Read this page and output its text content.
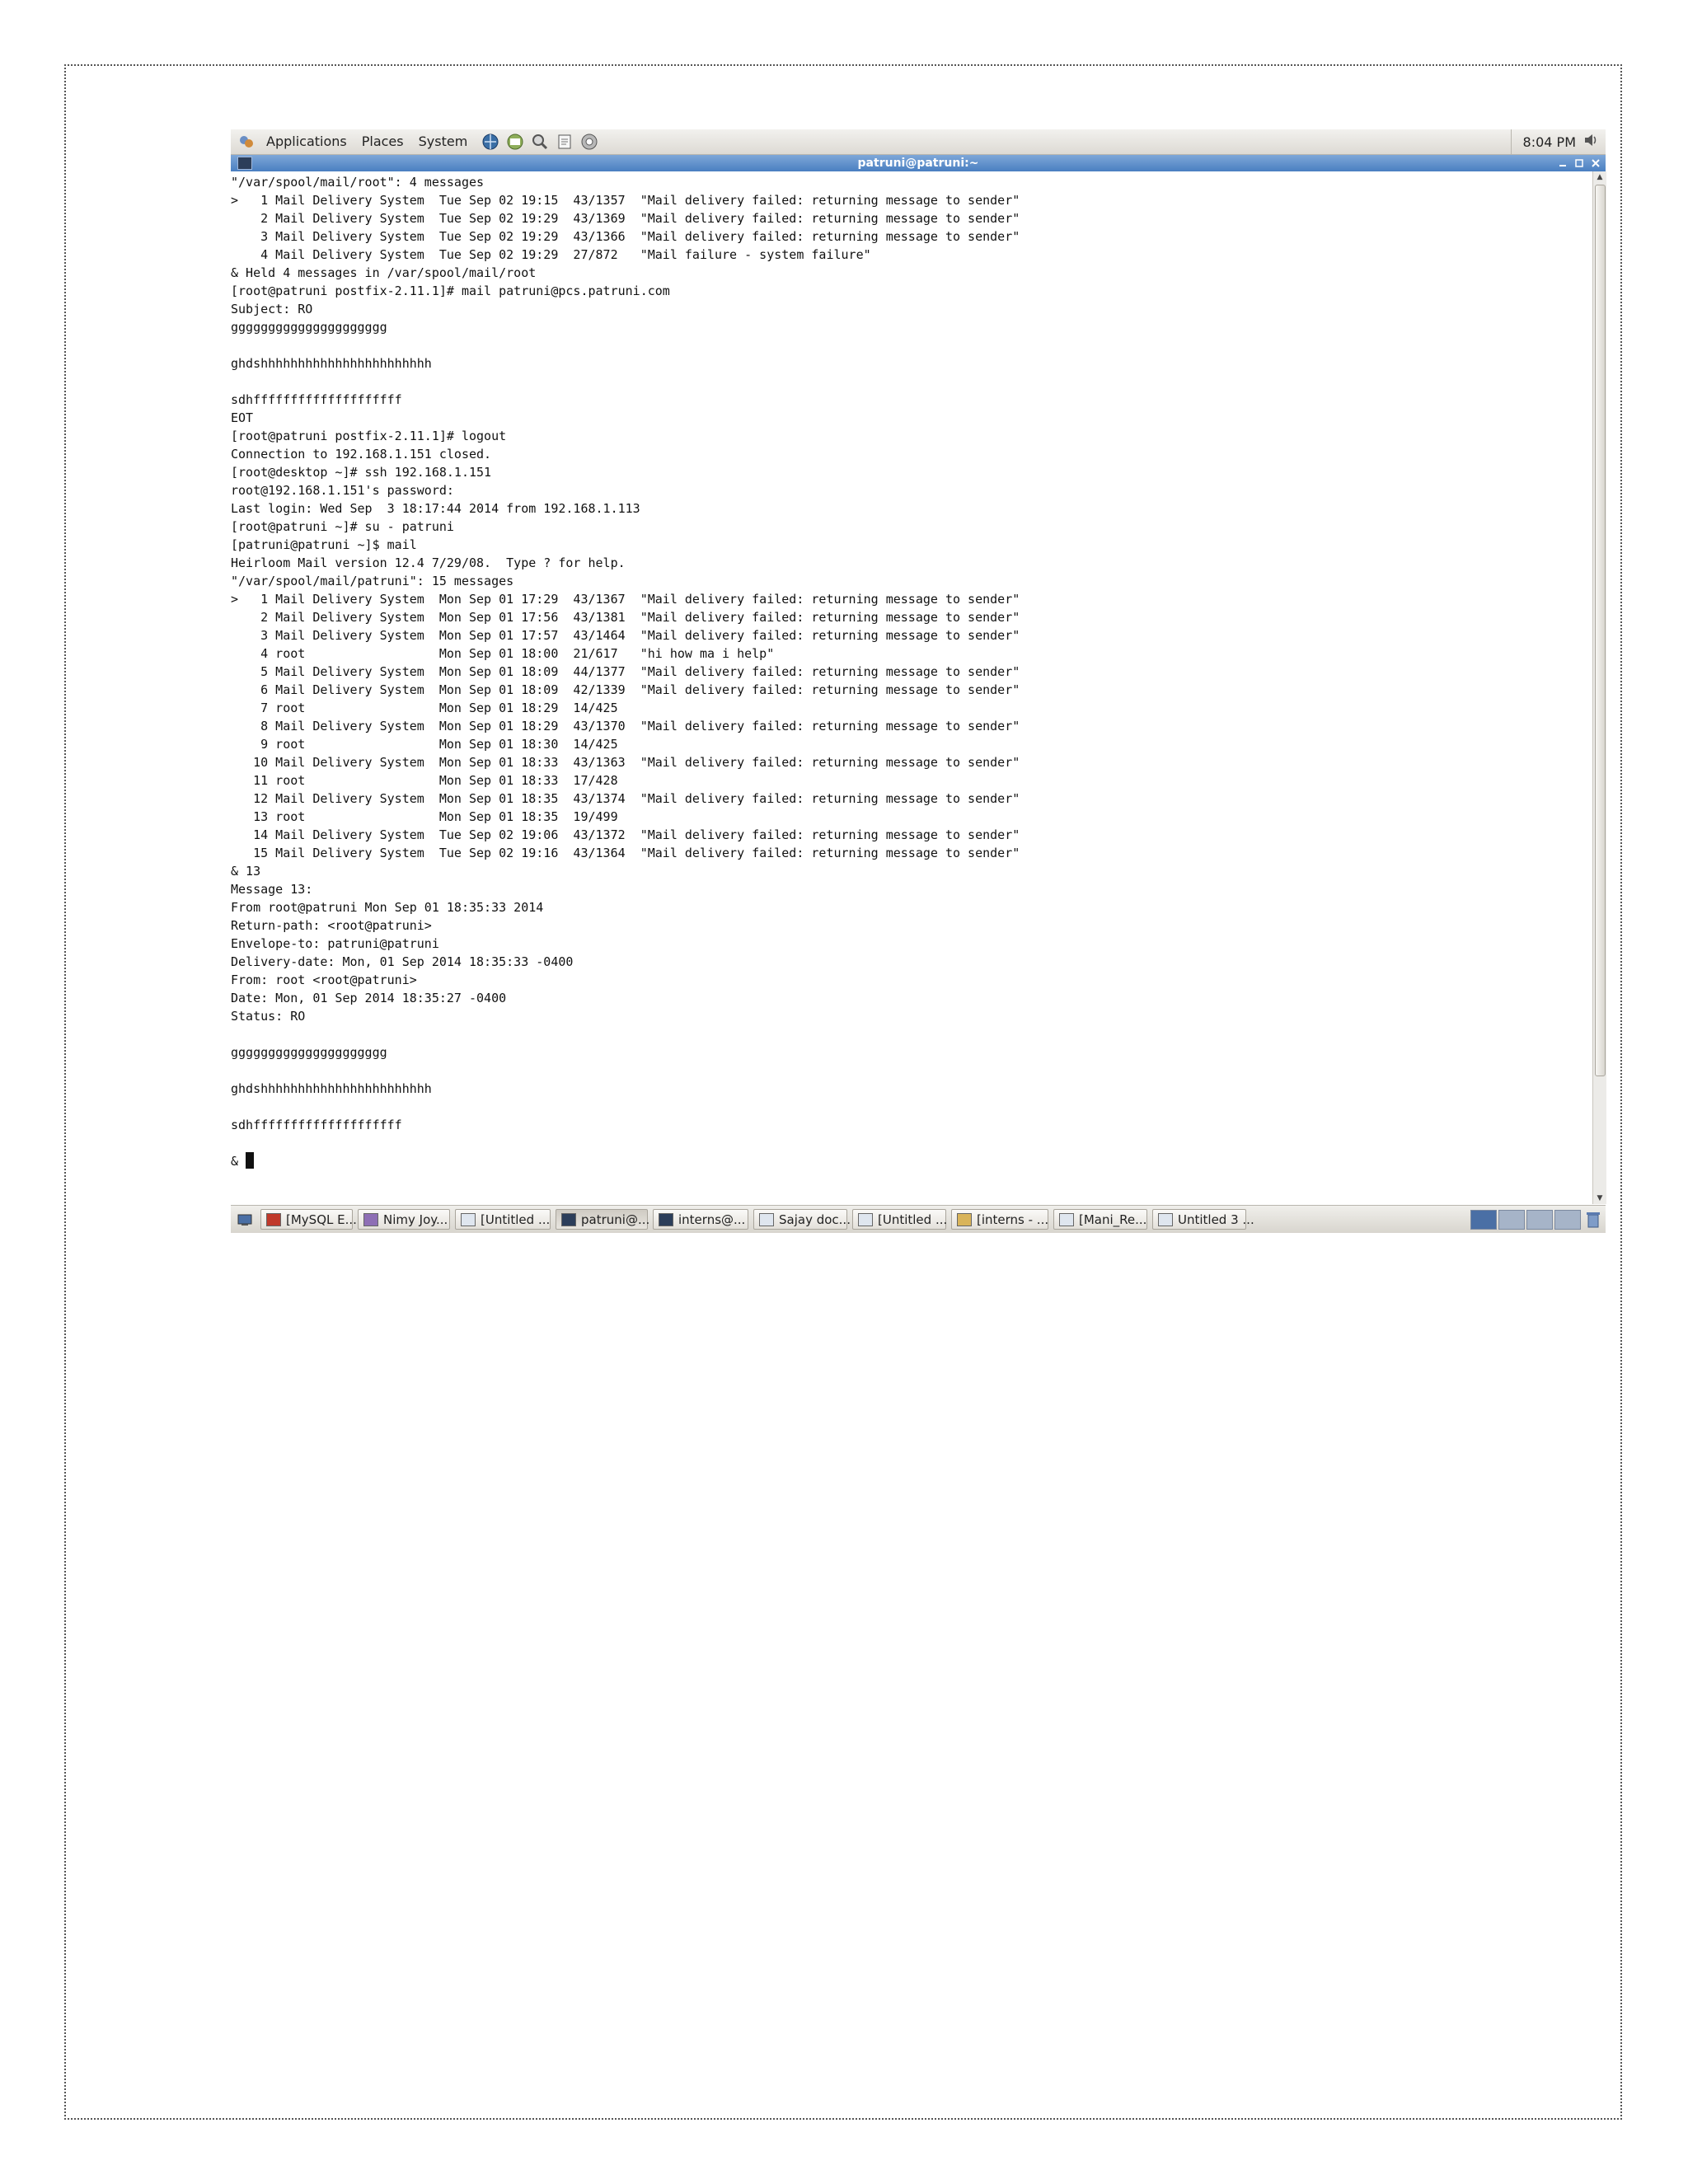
Applications	Places	System	8:04 PM
patruni@patruni:~
"/var/spool/mail/root": 4 messages
>   1 Mail Delivery System  Tue Sep 02 19:15  43/1357  "Mail delivery failed: returning message to sender"
2 Mail Delivery System  Tue Sep 02 19:29  43/1369  "Mail delivery failed: returning message to sender"
3 Mail Delivery System  Tue Sep 02 19:29  43/1366  "Mail delivery failed: returning message to sender"
4 Mail Delivery System  Tue Sep 02 19:29  27/872   "Mail failure - system failure"
& Held 4 messages in /var/spool/mail/root
[root@patruni postfix-2.11.1]# mail patruni@pcs.patruni.com
Subject: RO
ggggggggggggggggggggg
ghdshhhhhhhhhhhhhhhhhhhhhhh
sdhffffffffffffffffffff
EOT
[root@patruni postfix-2.11.1]# logout
Connection to 192.168.1.151 closed.
[root@desktop ~]# ssh 192.168.1.151
root@192.168.1.151's password:
Last login: Wed Sep  3 18:17:44 2014 from 192.168.1.113
[root@patruni ~]# su - patruni
[patruni@patruni ~]$ mail
Heirloom Mail version 12.4 7/29/08.  Type ? for help.
"/var/spool/mail/patruni": 15 messages
>   1 Mail Delivery System  Mon Sep 01 17:29  43/1367  "Mail delivery failed: returning message to sender"
2 Mail Delivery System  Mon Sep 01 17:56  43/1381  "Mail delivery failed: returning message to sender"
3 Mail Delivery System  Mon Sep 01 17:57  43/1464  "Mail delivery failed: returning message to sender"
4 root                  Mon Sep 01 18:00  21/617   "hi how ma i help"
5 Mail Delivery System  Mon Sep 01 18:09  44/1377  "Mail delivery failed: returning message to sender"
6 Mail Delivery System  Mon Sep 01 18:09  42/1339  "Mail delivery failed: returning message to sender"
7 root                  Mon Sep 01 18:29  14/425
8 Mail Delivery System  Mon Sep 01 18:29  43/1370  "Mail delivery failed: returning message to sender"
9 root                  Mon Sep 01 18:30  14/425
10 Mail Delivery System  Mon Sep 01 18:33  43/1363  "Mail delivery failed: returning message to sender"
11 root                  Mon Sep 01 18:33  17/428
12 Mail Delivery System  Mon Sep 01 18:35  43/1374  "Mail delivery failed: returning message to sender"
13 root                  Mon Sep 01 18:35  19/499
14 Mail Delivery System  Tue Sep 02 19:06  43/1372  "Mail delivery failed: returning message to sender"
15 Mail Delivery System  Tue Sep 02 19:16  43/1364  "Mail delivery failed: returning message to sender"
& 13
Message 13:
From root@patruni Mon Sep 01 18:35:33 2014
Return-path: <root@patruni>
Envelope-to: patruni@patruni
Delivery-date: Mon, 01 Sep 2014 18:35:33 -0400
From: root <root@patruni>
Date: Mon, 01 Sep 2014 18:35:27 -0400
Status: RO
ggggggggggggggggggggg
ghdshhhhhhhhhhhhhhhhhhhhhhh
sdhffffffffffffffffffff
&
▲
▼
[MySQL E... Nimy Joy...	[Untitled ...	patruni@... interns@...	Sajay doc... [Untitled ... [interns - ... [Mani_Re...	Untitled 3 ...
